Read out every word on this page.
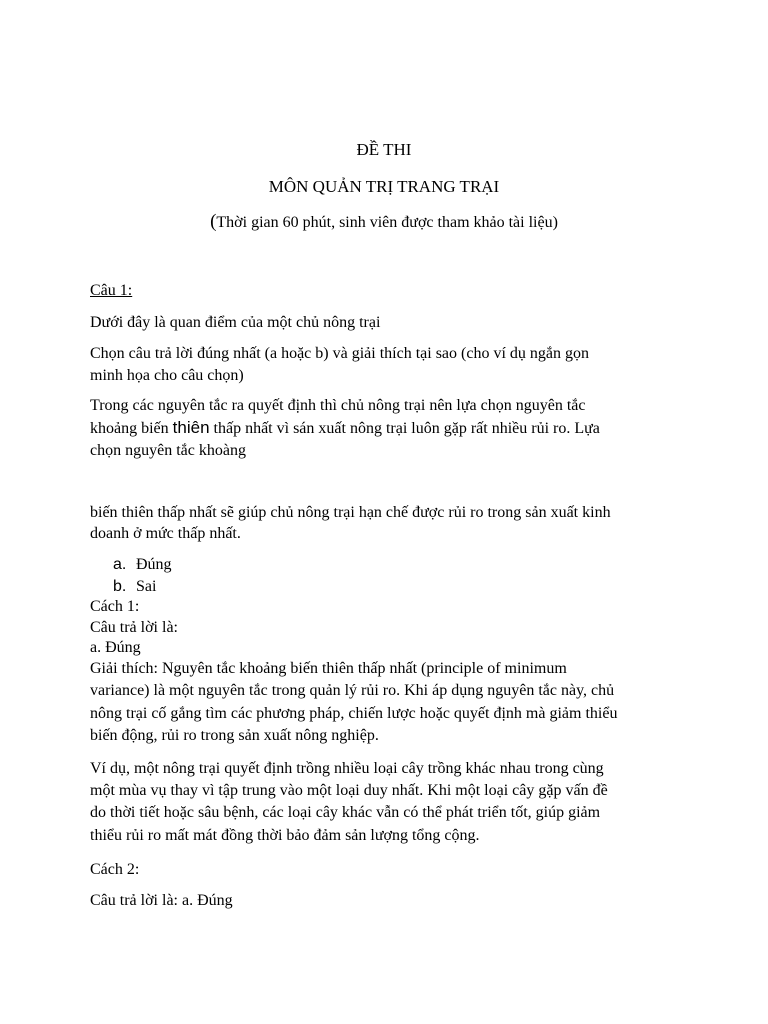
ĐỀ THI
MÔN QUẢN TRỊ TRANG TRẠI
(Thời gian 60 phút, sinh viên được tham khảo tài liệu)
Câu 1:
Dưới đây là quan điểm của một chủ nông trại
Chọn câu trả lời đúng nhất (a hoặc b) và giải thích tại sao (cho ví dụ ngắn gọn
minh họa cho câu chọn)
Trong các nguyên tắc ra quyết định thì chủ nông trại nên lựa chọn nguyên tắc
khoảng biến thiên thấp nhất vì sán xuất nông trại luôn gặp rất nhiều rủi ro. Lựa
chọn nguyên tắc khoàng
biến thiên thấp nhất sẽ giúp chủ nông trại hạn chế được rủi ro trong sản xuất kinh
doanh ở mức thấp nhất.
a. Đúng
b. Sai
Cách 1:
Câu trả lời là:
a. Đúng
Giải thích: Nguyên tắc khoảng biến thiên thấp nhất (principle of minimum
variance) là một nguyên tắc trong quản lý rủi ro. Khi áp dụng nguyên tắc này, chủ
nông trại cố gắng tìm các phương pháp, chiến lược hoặc quyết định mà giảm thiểu
biến động, rủi ro trong sản xuất nông nghiệp.
Ví dụ, một nông trại quyết định trồng nhiều loại cây trồng khác nhau trong cùng
một mùa vụ thay vì tập trung vào một loại duy nhất. Khi một loại cây gặp vấn đề
do thời tiết hoặc sâu bệnh, các loại cây khác vẫn có thể phát triển tốt, giúp giảm
thiểu rủi ro mất mát đồng thời bảo đảm sản lượng tổng cộng.
Cách 2:
Câu trả lời là: a. Đúng
